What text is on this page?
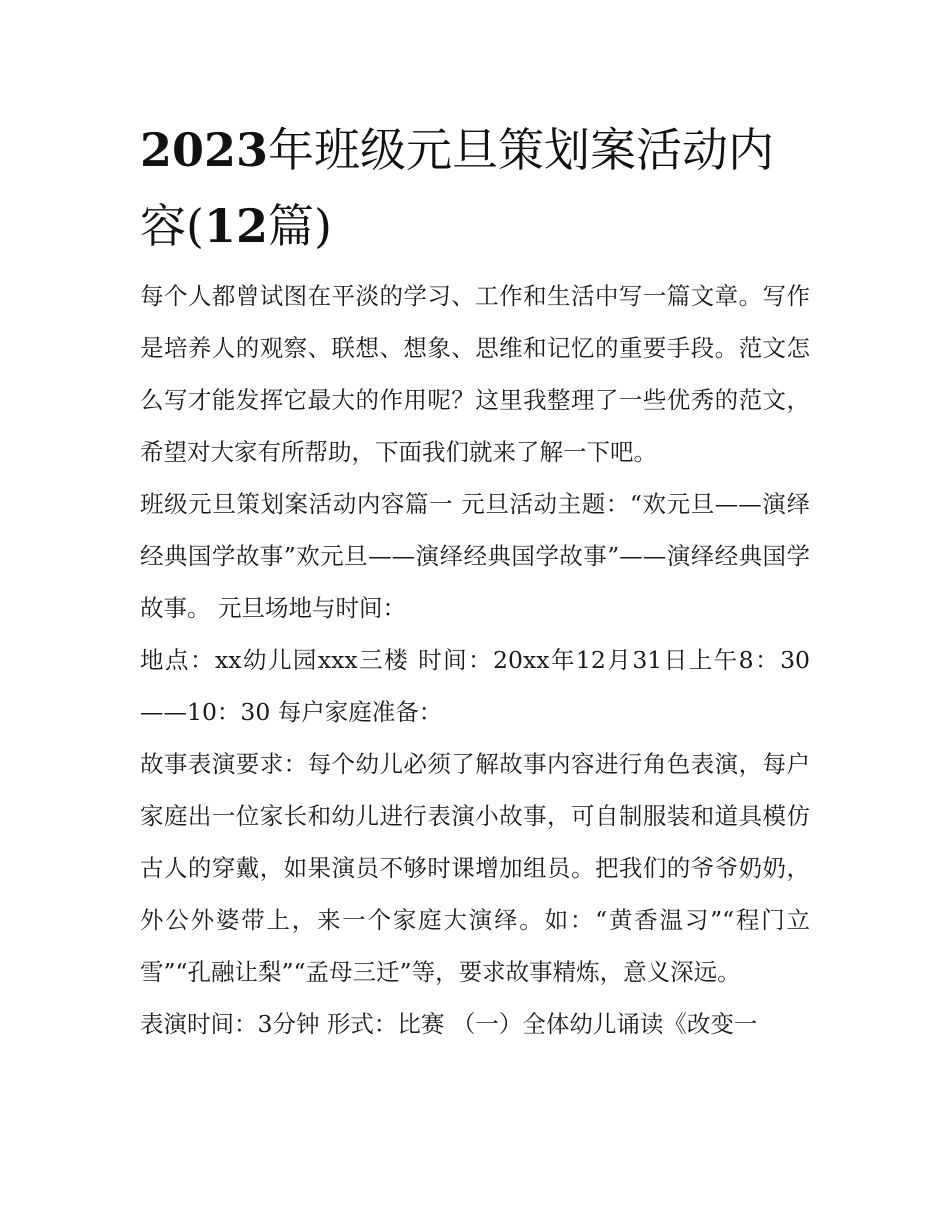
2023年班级元旦策划案活动内容(12篇)

每个人都曾试图在平淡的学习、工作和生活中写一篇文章。写作是培养人的观察、联想、想象、思维和记忆的重要手段。范文怎么写才能发挥它最大的作用呢？这里我整理了一些优秀的范文，希望对大家有所帮助，下面我们就来了解一下吧。

班级元旦策划案活动内容篇一 元旦活动主题：“欢元旦——演绎经典国学故事”欢元旦——演绎经典国学故事”——演绎经典国学故事。 元旦场地与时间：

地点：xx幼儿园xxx三楼 时间：20xx年12月31日上午8：30——10：30 每户家庭准备：

故事表演要求：每个幼儿必须了解故事内容进行角色表演，每户家庭出一位家长和幼儿进行表演小故事，可自制服装和道具模仿古人的穿戴，如果演员不够时课增加组员。把我们的爷爷奶奶，外公外婆带上，来一个家庭大演绎。如：“黄香温习”“程门立雪”“孔融让梨”“孟母三迁”等，要求故事精炼，意义深远。

表演时间：3分钟 形式：比赛 （一）全体幼儿诵读《改变一
